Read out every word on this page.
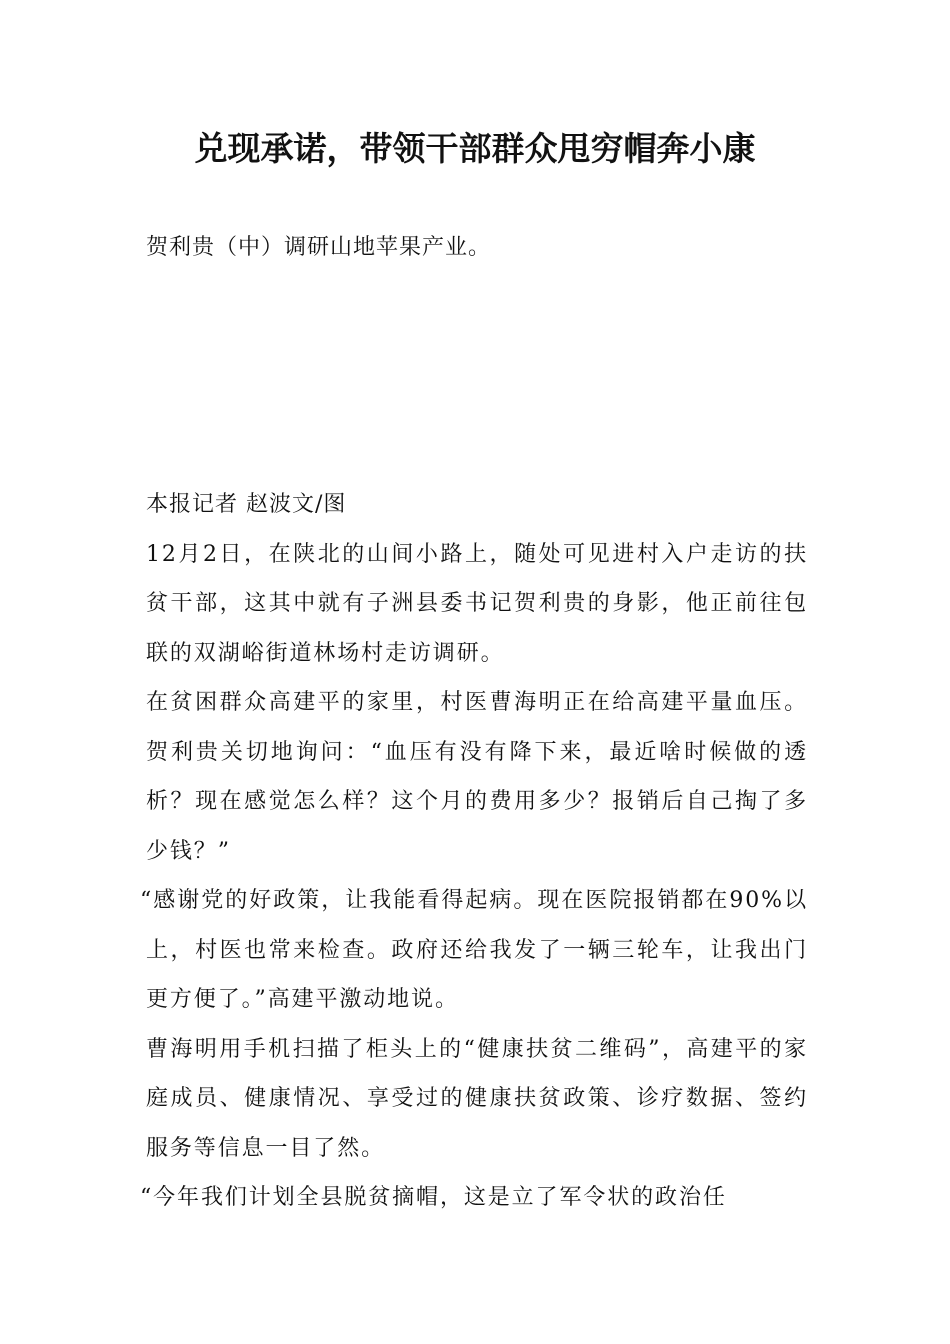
兑现承诺，带领干部群众甩穷帽奔小康

贺利贵（中）调研山地苹果产业。

本报记者 赵波文/图

12月2日，在陕北的山间小路上，随处可见进村入户走访的扶贫干部，这其中就有子洲县委书记贺利贵的身影，他正前往包联的双湖峪街道林场村走访调研。

在贫困群众高建平的家里，村医曹海明正在给高建平量血压。贺利贵关切地询问：“血压有没有降下来，最近啥时候做的透析？现在感觉怎么样？这个月的费用多少？报销后自己掏了多少钱？”

“感谢党的好政策，让我能看得起病。现在医院报销都在90%以上，村医也常来检查。政府还给我发了一辆三轮车，让我出门更方便了。”高建平激动地说。

曹海明用手机扫描了柜头上的“健康扶贫二维码”，高建平的家庭成员、健康情况、享受过的健康扶贫政策、诊疗数据、签约服务等信息一目了然。

“今年我们计划全县脱贫摘帽，这是立了军令状的政治任
